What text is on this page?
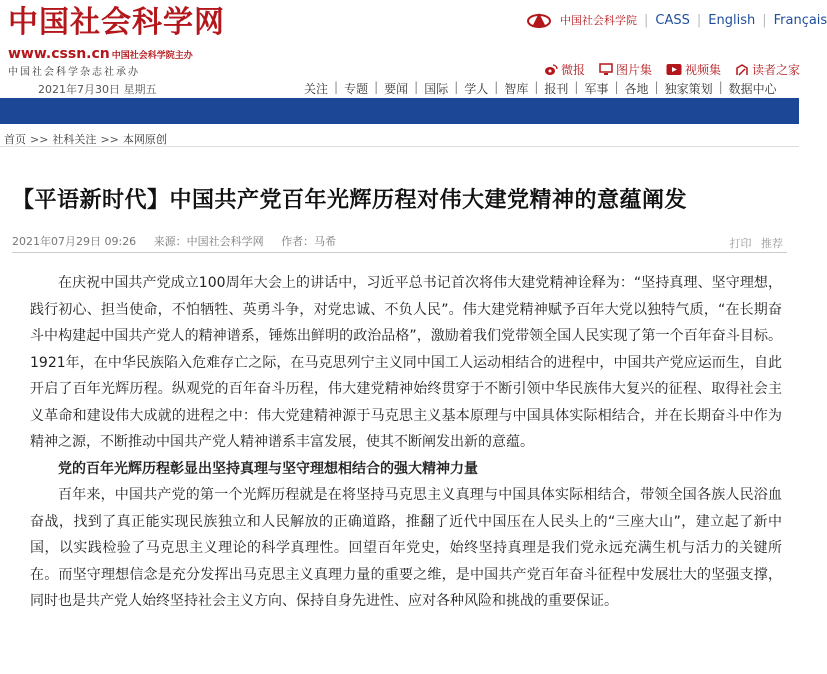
中国社会科学网
www.cssn.cn 中国社会科学院主办
中国社会科学杂志社承办
2021年7月30日 星期五
中国社会科学院 | CASS | English | Français
微报	图片集	视频集	读者之家
关注 | 专题 | 要闻 | 国际 | 学人 | 智库 | 报刊 | 军事 | 各地 | 独家策划 | 数据中心
首页 >> 社科关注 >> 本网原创
【平语新时代】中国共产党百年光辉历程对伟大建党精神的意蕴阐发
2021年07月29日 09:26 来源：中国社会科学网 作者：马希	打印 推荐

在庆祝中国共产党成立100周年大会上的讲话中，习近平总书记首次将伟大建党精神诠释为：“坚持真理、坚守理想，践行初心、担当使命，不怕牺牲、英勇斗争，对党忠诚、不负人民”。伟大建党精神赋予百年大党以独特气质，“在长期奋斗中构建起中国共产党人的精神谱系，锤炼出鲜明的政治品格”，激励着我们党带领全国人民实现了第一个百年奋斗目标。1921年，在中华民族陷入危难存亡之际，在马克思列宁主义同中国工人运动相结合的进程中，中国共产党应运而生，自此开启了百年光辉历程。纵观党的百年奋斗历程，伟大建党精神始终贯穿于不断引领中华民族伟大复兴的征程、取得社会主义革命和建设伟大成就的进程之中：伟大党建精神源于马克思主义基本原理与中国具体实际相结合，并在长期奋斗中作为精神之源，不断推动中国共产党人精神谱系丰富发展，使其不断阐发出新的意蕴。

党的百年光辉历程彰显出坚持真理与坚守理想相结合的强大精神力量

百年来，中国共产党的第一个光辉历程就是在将坚持马克思主义真理与中国具体实际相结合，带领全国各族人民浴血奋战，找到了真正能实现民族独立和人民解放的正确道路，推翻了近代中国压在人民头上的“三座大山”，建立起了新中国，以实践检验了马克思主义理论的科学真理性。回望百年党史，始终坚持真理是我们党永远充满生机与活力的关键所在。而坚守理想信念是充分发挥出马克思主义真理力量的重要之维，是中国共产党百年奋斗征程中发展壮大的坚强支撑，同时也是共产党人始终坚持社会主义方向、保持自身先进性、应对各种风险和挑战的重要保证。
